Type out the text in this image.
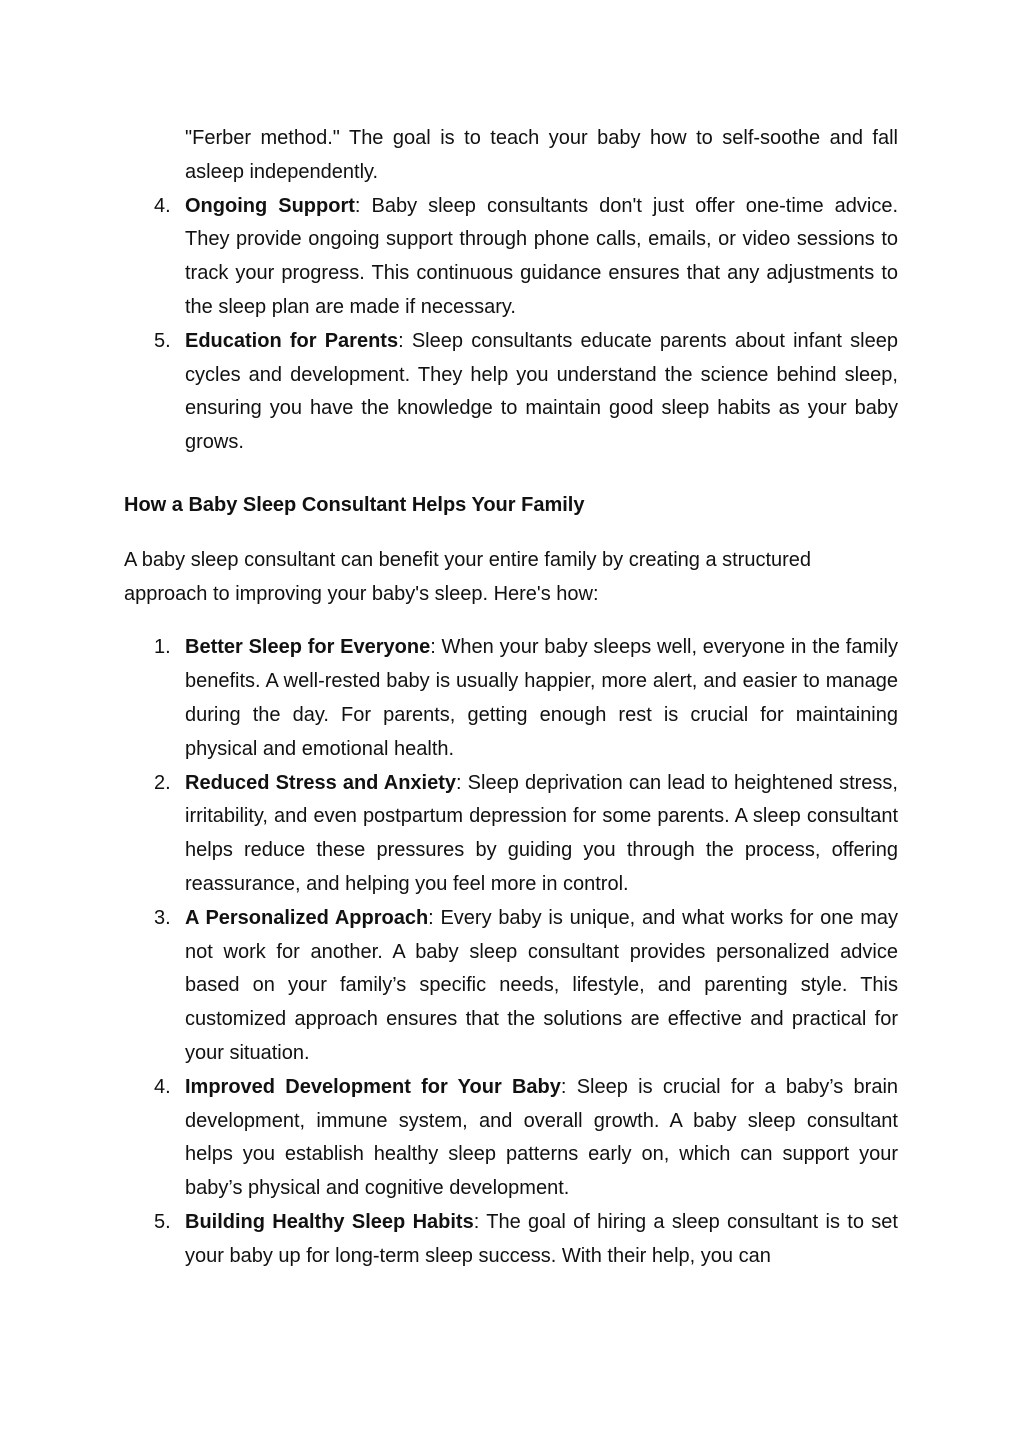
"Ferber method." The goal is to teach your baby how to self-soothe and fall asleep independently.
4. Ongoing Support: Baby sleep consultants don't just offer one-time advice. They provide ongoing support through phone calls, emails, or video sessions to track your progress. This continuous guidance ensures that any adjustments to the sleep plan are made if necessary.
5. Education for Parents: Sleep consultants educate parents about infant sleep cycles and development. They help you understand the science behind sleep, ensuring you have the knowledge to maintain good sleep habits as your baby grows.
How a Baby Sleep Consultant Helps Your Family
A baby sleep consultant can benefit your entire family by creating a structured approach to improving your baby's sleep. Here's how:
1. Better Sleep for Everyone: When your baby sleeps well, everyone in the family benefits. A well-rested baby is usually happier, more alert, and easier to manage during the day. For parents, getting enough rest is crucial for maintaining physical and emotional health.
2. Reduced Stress and Anxiety: Sleep deprivation can lead to heightened stress, irritability, and even postpartum depression for some parents. A sleep consultant helps reduce these pressures by guiding you through the process, offering reassurance, and helping you feel more in control.
3. A Personalized Approach: Every baby is unique, and what works for one may not work for another. A baby sleep consultant provides personalized advice based on your family’s specific needs, lifestyle, and parenting style. This customized approach ensures that the solutions are effective and practical for your situation.
4. Improved Development for Your Baby: Sleep is crucial for a baby’s brain development, immune system, and overall growth. A baby sleep consultant helps you establish healthy sleep patterns early on, which can support your baby’s physical and cognitive development.
5. Building Healthy Sleep Habits: The goal of hiring a sleep consultant is to set your baby up for long-term sleep success. With their help, you can
